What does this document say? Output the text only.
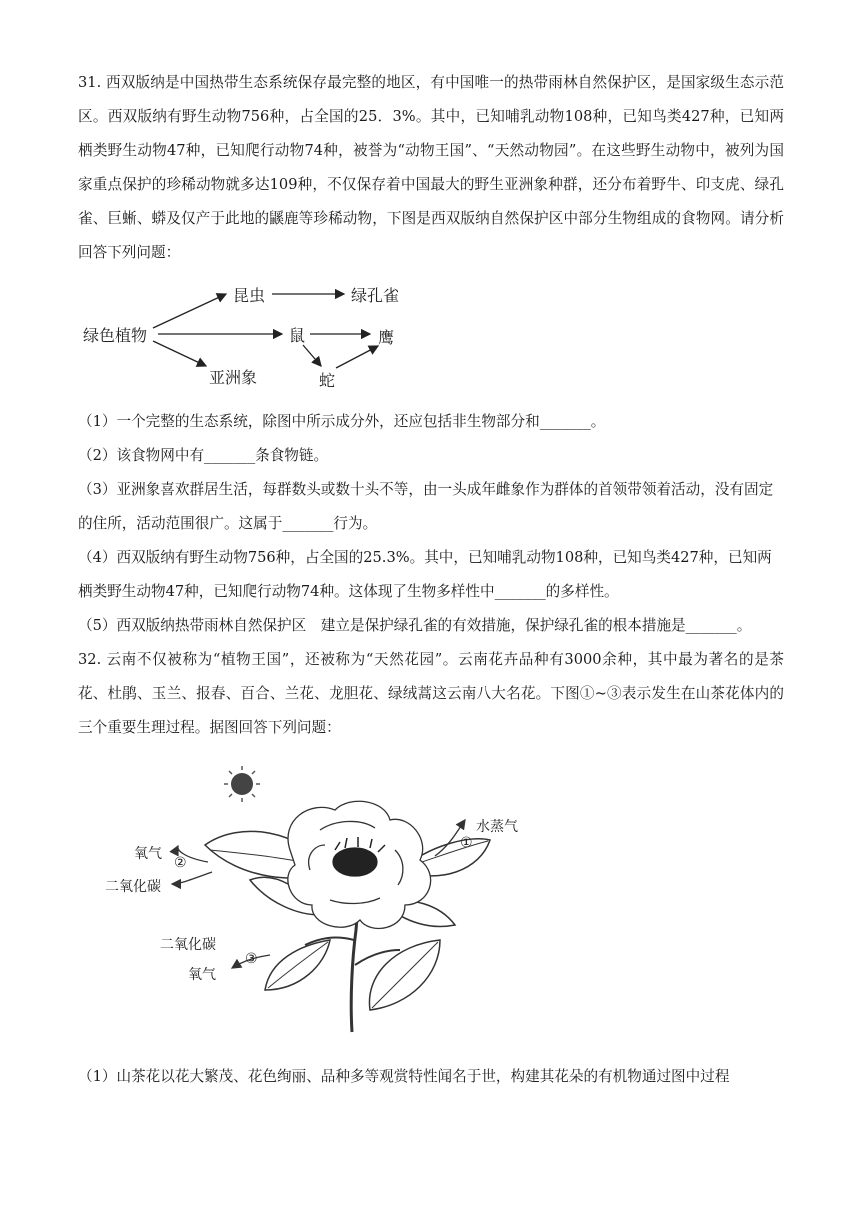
31. 西双版纳是中国热带生态系统保存最完整的地区，有中国唯一的热带雨林自然保护区，是国家级生态示范区。西双版纳有野生动物756种，占全国的25．3%。其中，已知哺乳动物108种，已知鸟类427种，已知两栖类野生动物47种，已知爬行动物74种，被誉为“动物王国”、“天然动物园”。在这些野生动物中，被列为国家重点保护的珍稀动物就多达109种，不仅保存着中国最大的野生亚洲象种群，还分布着野牛、印支虎、绿孔雀、巨蜥、蟒及仅产于此地的鼷鹿等珍稀动物，下图是西双版纳自然保护区中部分生物组成的食物网。请分析回答下列问题：
绿色植物
昆虫	绿孔雀
鼠	鹰
亚洲象	蛇
（1）一个完整的生态系统，除图中所示成分外，还应包括非生物部分和_______。
（2）该食物网中有_______条食物链。
（3）亚洲象喜欢群居生活，每群数头或数十头不等，由一头成年雌象作为群体的首领带领着活动，没有固定的住所，活动范围很广。这属于_______行为。
（4）西双版纳有野生动物756种，占全国的25.3%。其中，已知哺乳动物108种，已知鸟类427种，已知两栖类野生动物47种，已知爬行动物74种。这体现了生物多样性中_______的多样性。
（5）西双版纳热带雨林自然保护区　建立是保护绿孔雀的有效措施，保护绿孔雀的根本措施是_______。
32. 云南不仅被称为“植物王国”，还被称为“天然花园”。云南花卉品种有3000余种，其中最为著名的是茶花、杜鹃、玉兰、报春、百合、兰花、龙胆花、绿绒蒿这云南八大名花。下图①~③表示发生在山茶花体内的三个重要生理过程。据图回答下列问题：
氧气
②
二氧化碳
水蒸气
①
二氧化碳
③
氧气
（1）山茶花以花大繁茂、花色绚丽、品种多等观赏特性闻名于世，构建其花朵的有机物通过图中过程
